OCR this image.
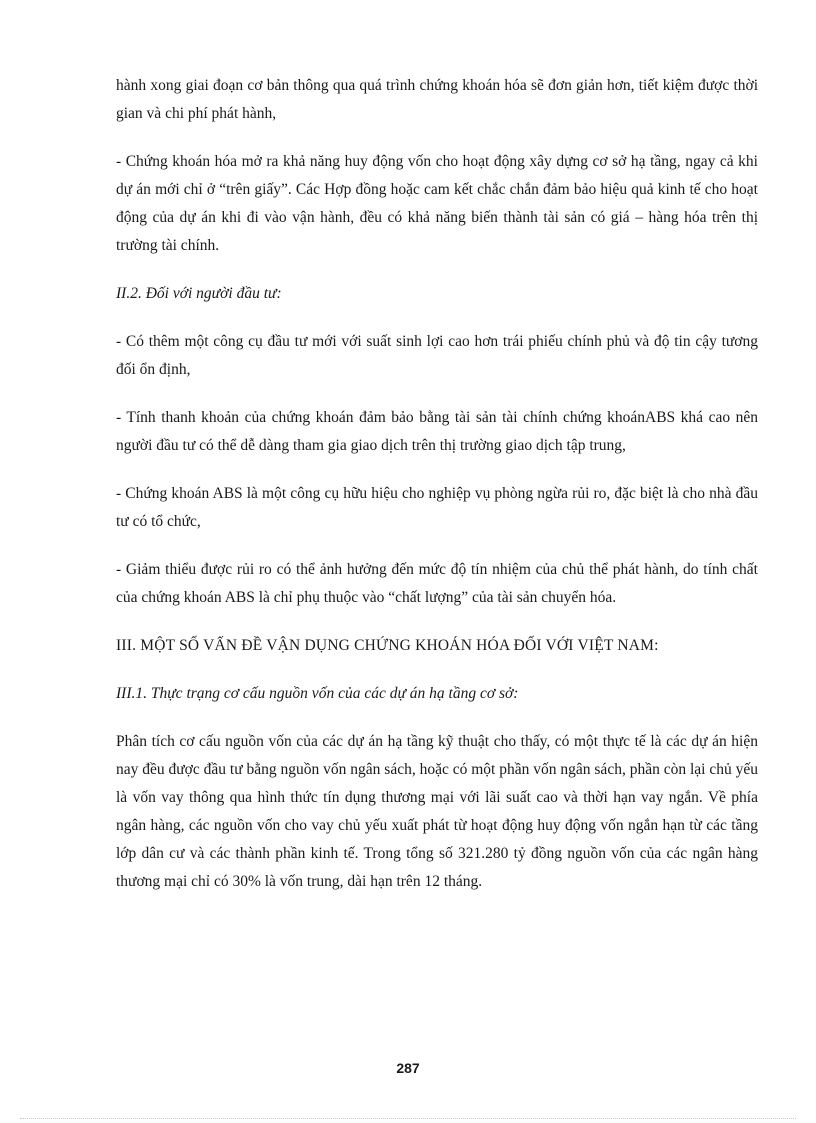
hành xong giai đoạn cơ bản thông qua quá trình chứng khoán hóa sẽ đơn giản hơn, tiết kiệm được thời gian và chi phí phát hành,

- Chứng khoán hóa mở ra khả năng huy động vốn cho hoạt động xây dựng cơ sở hạ tầng, ngay cả khi dự án mới chỉ ở “trên giấy”. Các Hợp đồng hoặc cam kết chắc chắn đảm bảo hiệu quả kinh tế cho hoạt động của dự án khi đi vào vận hành, đều có khả năng biến thành tài sản có giá – hàng hóa trên thị trường tài chính.

II.2. Đối với người đầu tư:

- Có thêm một công cụ đầu tư mới với suất sinh lợi cao hơn trái phiếu chính phủ và độ tin cậy tương đối ổn định,

- Tính thanh khoản của chứng khoán đảm bảo bằng tài sản tài chính chứng khoánABS khá cao nên người đầu tư có thể dễ dàng tham gia giao dịch trên thị trường giao dịch tập trung,

- Chứng khoán ABS là một công cụ hữu hiệu cho nghiệp vụ phòng ngừa rủi ro, đặc biệt là cho nhà đầu tư có tổ chức,

- Giảm thiểu được rủi ro có thể ảnh hưởng đến mức độ tín nhiệm của chủ thể phát hành, do tính chất của chứng khoán ABS là chỉ phụ thuộc vào “chất lượng” của tài sản chuyển hóa.

III. MỘT SỐ VẤN ĐỀ VẬN DỤNG CHỨNG KHOÁN HÓA ĐỐI VỚI VIỆT NAM:

III.1. Thực trạng cơ cấu nguồn vốn của các dự án hạ tầng cơ sở:

Phân tích cơ cấu nguồn vốn của các dự án hạ tầng kỹ thuật cho thấy, có một thực tế là các dự án hiện nay đều được đầu tư bằng nguồn vốn ngân sách, hoặc có một phần vốn ngân sách, phần còn lại chủ yếu là vốn vay thông qua hình thức tín dụng thương mại với lãi suất cao và thời hạn vay ngắn. Về phía ngân hàng, các nguồn vốn cho vay chủ yếu xuất phát từ hoạt động huy động vốn ngắn hạn từ các tầng lớp dân cư và các thành phần kinh tế. Trong tổng số 321.280 tỷ đồng nguồn vốn của các ngân hàng thương mại chỉ có 30% là vốn trung, dài hạn trên 12 tháng.

287
